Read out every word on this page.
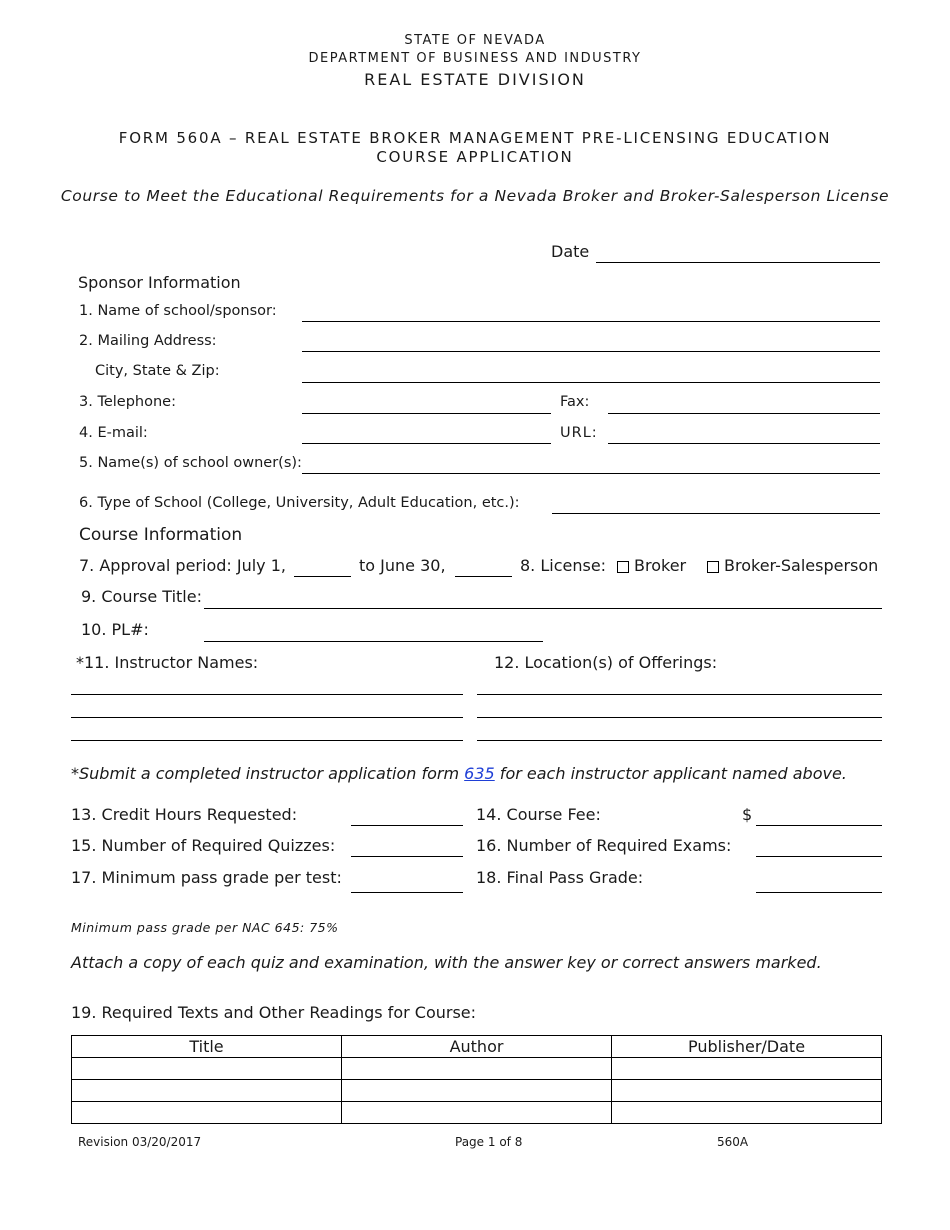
STATE OF NEVADA
DEPARTMENT OF BUSINESS AND INDUSTRY
REAL ESTATE DIVISION
FORM 560A – REAL ESTATE BROKER MANAGEMENT PRE-LICENSING EDUCATION
COURSE APPLICATION
Course to Meet the Educational Requirements for a Nevada Broker and Broker-Salesperson License
Date
Sponsor Information
1. Name of school/sponsor:
2. Mailing Address:
City, State & Zip:
3. Telephone:	Fax:
4. E-mail:	URL:
5. Name(s) of school owner(s):
6. Type of School (College, University, Adult Education, etc.):
Course Information
7. Approval period: July 1,	to June 30,	8. License: Broker Broker-Salesperson
9. Course Title:
10. PL#:
*11. Instructor Names:	12. Location(s) of Offerings:
*Submit a completed instructor application form 635 for each instructor applicant named above.
13. Credit Hours Requested:	14. Course Fee:	$
15. Number of Required Quizzes:	16. Number of Required Exams:
17. Minimum pass grade per test:	18. Final Pass Grade:
Minimum pass grade per NAC 645: 75%
Attach a copy of each quiz and examination, with the answer key or correct answers marked.
19. Required Texts and Other Readings for Course:
Title	Author	Publisher/Date

Revision 03/20/2017	Page 1 of 8	560A
